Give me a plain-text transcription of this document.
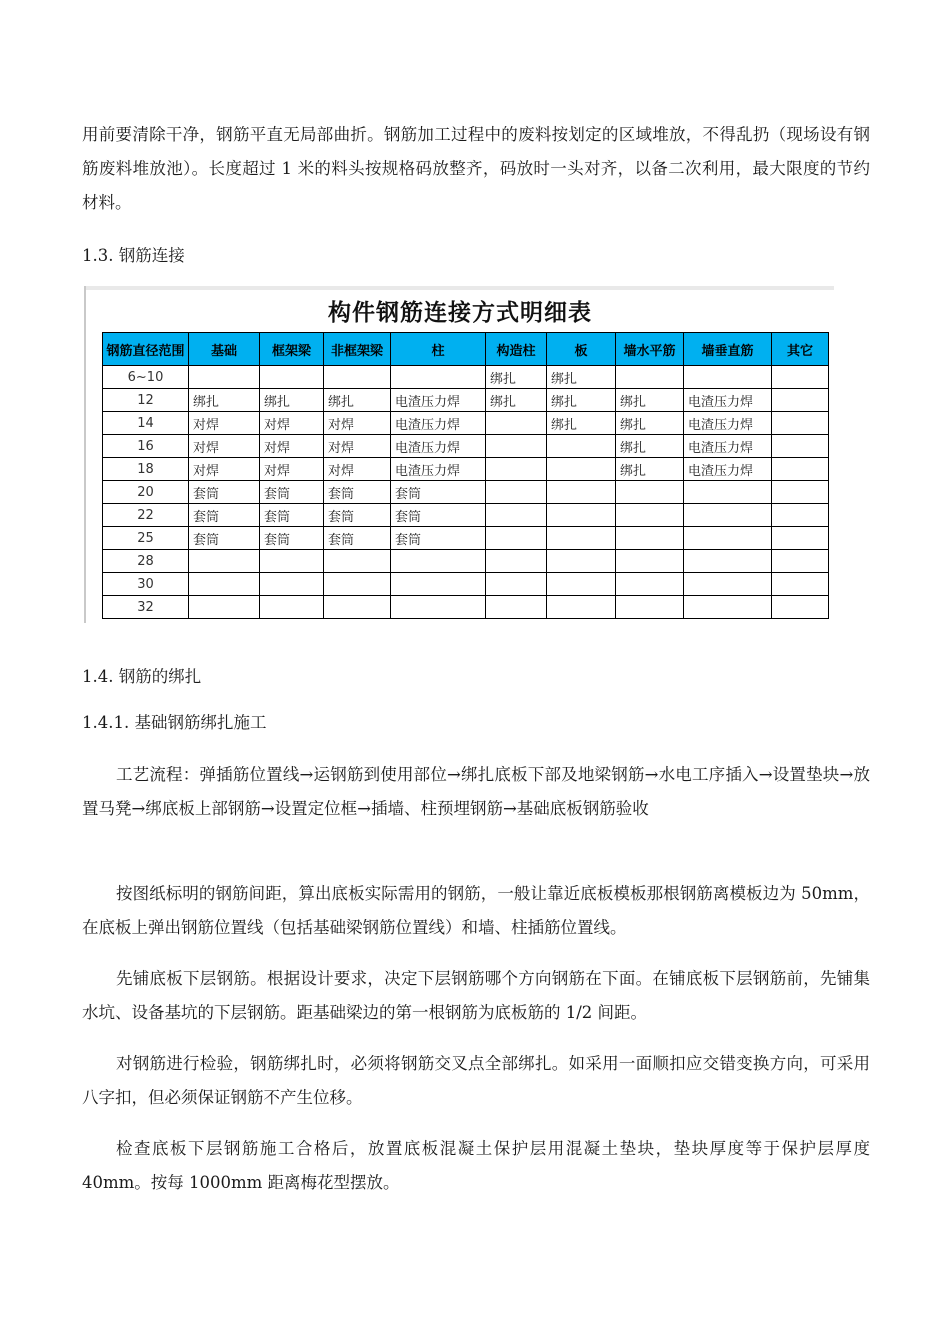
用前要清除干净，钢筋平直无局部曲折。钢筋加工过程中的废料按划定的区域堆放，不得乱扔（现场设有钢筋废料堆放池）。长度超过 1 米的料头按规格码放整齐，码放时一头对齐，以备二次利用，最大限度的节约材料。

1.3. 钢筋连接

构件钢筋连接方式明细表
钢筋直径范围	基础	框架梁	非框架梁	柱	构造柱	板	墙水平筋	墙垂直筋	其它
6~10					绑扎	绑扎			
12	绑扎	绑扎	绑扎	电渣压力焊	绑扎	绑扎	绑扎	电渣压力焊	
14	对焊	对焊	对焊	电渣压力焊		绑扎	绑扎	电渣压力焊	
16	对焊	对焊	对焊	电渣压力焊			绑扎	电渣压力焊	
18	对焊	对焊	对焊	电渣压力焊			绑扎	电渣压力焊	
20	套筒	套筒	套筒	套筒					
22	套筒	套筒	套筒	套筒					
25	套筒	套筒	套筒	套筒					
28									
30									
32									

1.4. 钢筋的绑扎

1.4.1. 基础钢筋绑扎施工

工艺流程：弹插筋位置线→运钢筋到使用部位→绑扎底板下部及地梁钢筋→水电工序插入→设置垫块→放置马凳→绑底板上部钢筋→设置定位框→插墙、柱预埋钢筋→基础底板钢筋验收

按图纸标明的钢筋间距，算出底板实际需用的钢筋，一般让靠近底板模板那根钢筋离模板边为 50mm，在底板上弹出钢筋位置线（包括基础梁钢筋位置线）和墙、柱插筋位置线。

先铺底板下层钢筋。根据设计要求，决定下层钢筋哪个方向钢筋在下面。在铺底板下层钢筋前，先铺集水坑、设备基坑的下层钢筋。距基础梁边的第一根钢筋为底板筋的 1/2 间距。

对钢筋进行检验，钢筋绑扎时，必须将钢筋交叉点全部绑扎。如采用一面顺扣应交错变换方向，可采用八字扣，但必须保证钢筋不产生位移。

检查底板下层钢筋施工合格后，放置底板混凝土保护层用混凝土垫块，垫块厚度等于保护层厚度 40mm。按每 1000mm 距离梅花型摆放。
